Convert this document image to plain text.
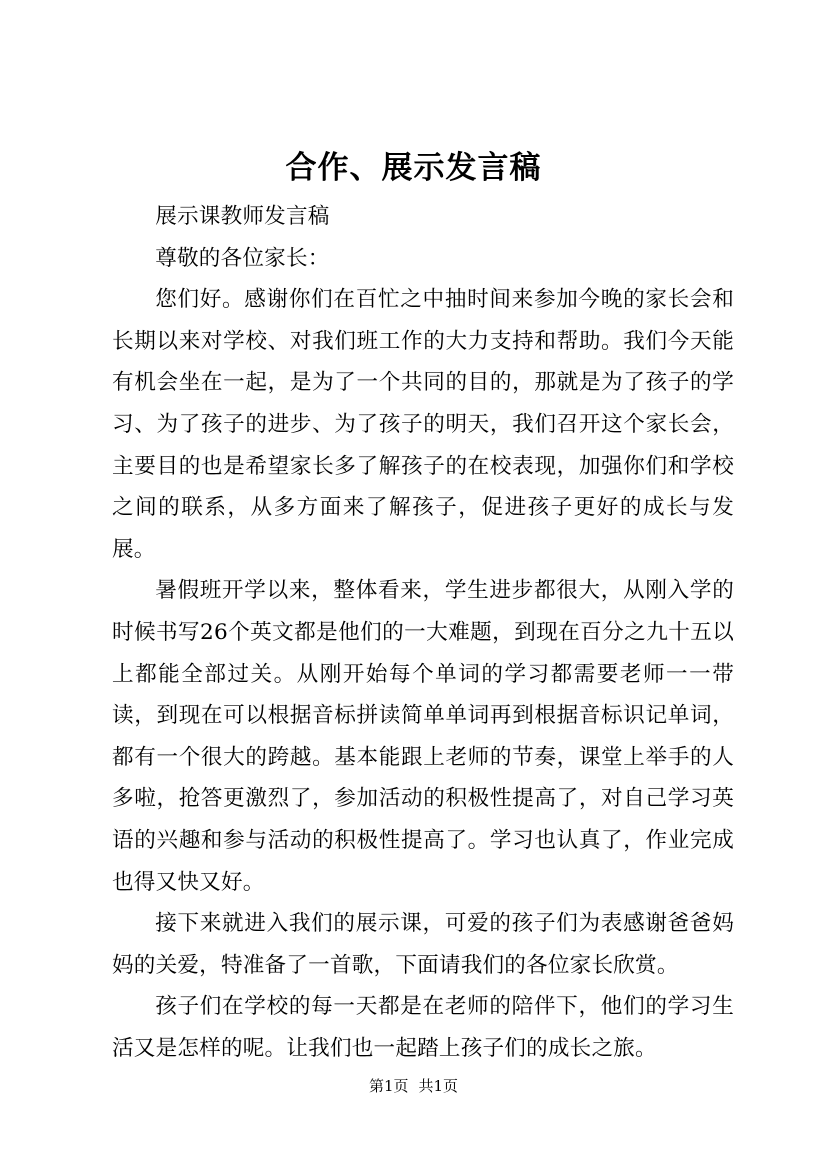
合作、展示发言稿

展示课教师发言稿

尊敬的各位家长：

您们好。感谢你们在百忙之中抽时间来参加今晚的家长会和长期以来对学校、对我们班工作的大力支持和帮助。我们今天能有机会坐在一起，是为了一个共同的目的，那就是为了孩子的学习、为了孩子的进步、为了孩子的明天，我们召开这个家长会，主要目的也是希望家长多了解孩子的在校表现，加强你们和学校之间的联系，从多方面来了解孩子，促进孩子更好的成长与发展。

暑假班开学以来，整体看来，学生进步都很大，从刚入学的时候书写26个英文都是他们的一大难题，到现在百分之九十五以上都能全部过关。从刚开始每个单词的学习都需要老师一一带读，到现在可以根据音标拼读简单单词再到根据音标识记单词，都有一个很大的跨越。基本能跟上老师的节奏，课堂上举手的人多啦，抢答更激烈了，参加活动的积极性提高了，对自己学习英语的兴趣和参与活动的积极性提高了。学习也认真了，作业完成也得又快又好。

接下来就进入我们的展示课，可爱的孩子们为表感谢爸爸妈妈的关爱，特准备了一首歌，下面请我们的各位家长欣赏。

孩子们在学校的每一天都是在老师的陪伴下，他们的学习生活又是怎样的呢。让我们也一起踏上孩子们的成长之旅。

第1页 共1页
